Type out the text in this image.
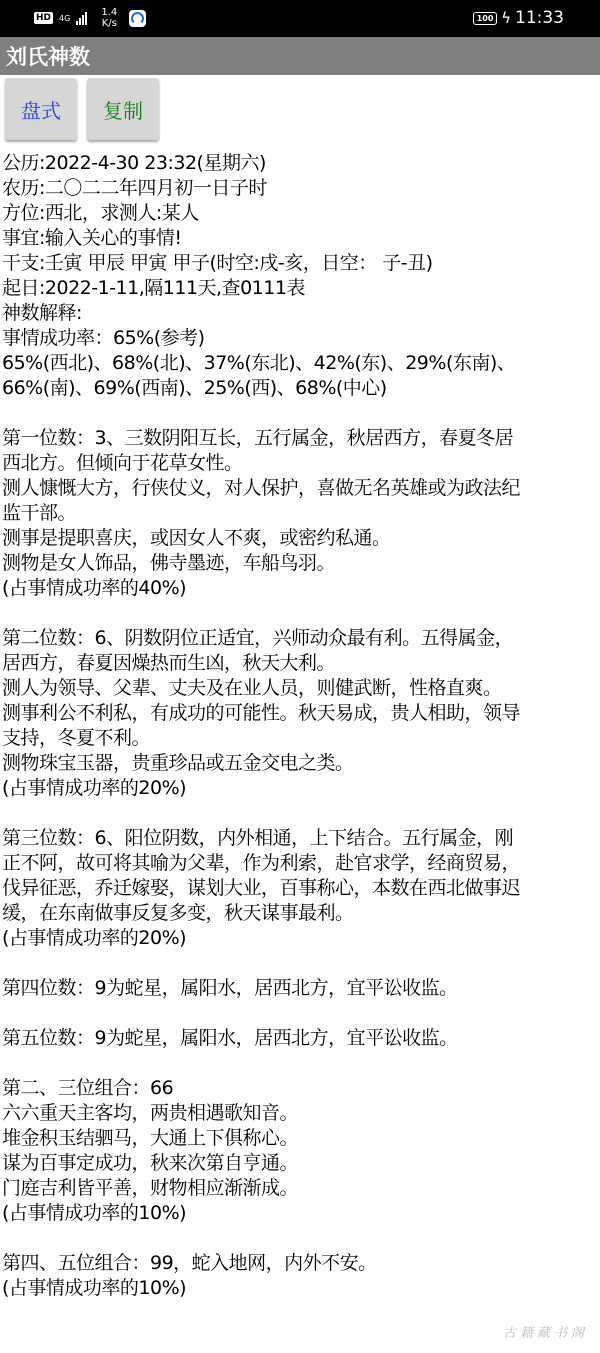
HD 4G	1.4
K/s	100 ϟ 11:33
刘氏神数
盘式	复制
公历:2022-4-30 23:32(星期六)
农历:二〇二二年四月初一日子时
方位:西北，求测人:某人
事宜:输入关心的事情!
干支:壬寅 甲辰 甲寅 甲子(时空:戌-亥，日空： 子-丑)
起日:2022-1-11,隔111天,查0111表
神数解释:
事情成功率：65%(参考)
65%(西北)、68%(北)、37%(东北)、42%(东)、29%(东南)、
66%(南)、69%(西南)、25%(西)、68%(中心)
第一位数：3、三数阴阳互长，五行属金，秋居西方，春夏冬居
西北方。但倾向于花草女性。
测人慷慨大方，行侠仗义，对人保护，喜做无名英雄或为政法纪
监干部。
测事是提职喜庆，或因女人不爽，或密约私通。
测物是女人饰品，佛寺墨迹，车船鸟羽。
(占事情成功率的40%)
第二位数：6、阴数阴位正适宜，兴师动众最有利。五得属金，
居西方，春夏因燥热而生凶，秋天大利。
测人为领导、父辈、丈夫及在业人员，则健武断，性格直爽。
测事利公不利私，有成功的可能性。秋天易成，贵人相助，领导
支持，冬夏不利。
测物珠宝玉器，贵重珍品或五金交电之类。
(占事情成功率的20%)
第三位数：6、阳位阴数，内外相通，上下结合。五行属金，刚
正不阿，故可将其喻为父辈，作为利索，赴官求学，经商贸易，
伐异征恶，乔迁嫁娶，谋划大业，百事称心，本数在西北做事迟
缓，在东南做事反复多变，秋天谋事最利。
(占事情成功率的20%)
第四位数：9为蛇星，属阳水，居西北方，宜平讼收监。
第五位数：9为蛇星，属阳水，居西北方，宜平讼收监。
第二、三位组合：66
六六重天主客均，两贵相遇歌知音。
堆金积玉结驷马，大通上下俱称心。
谋为百事定成功，秋来次第自亨通。
门庭吉利皆平善，财物相应渐渐成。
(占事情成功率的10%)
第四、五位组合：99，蛇入地网，内外不安。
(占事情成功率的10%)
古籍藏书阁
